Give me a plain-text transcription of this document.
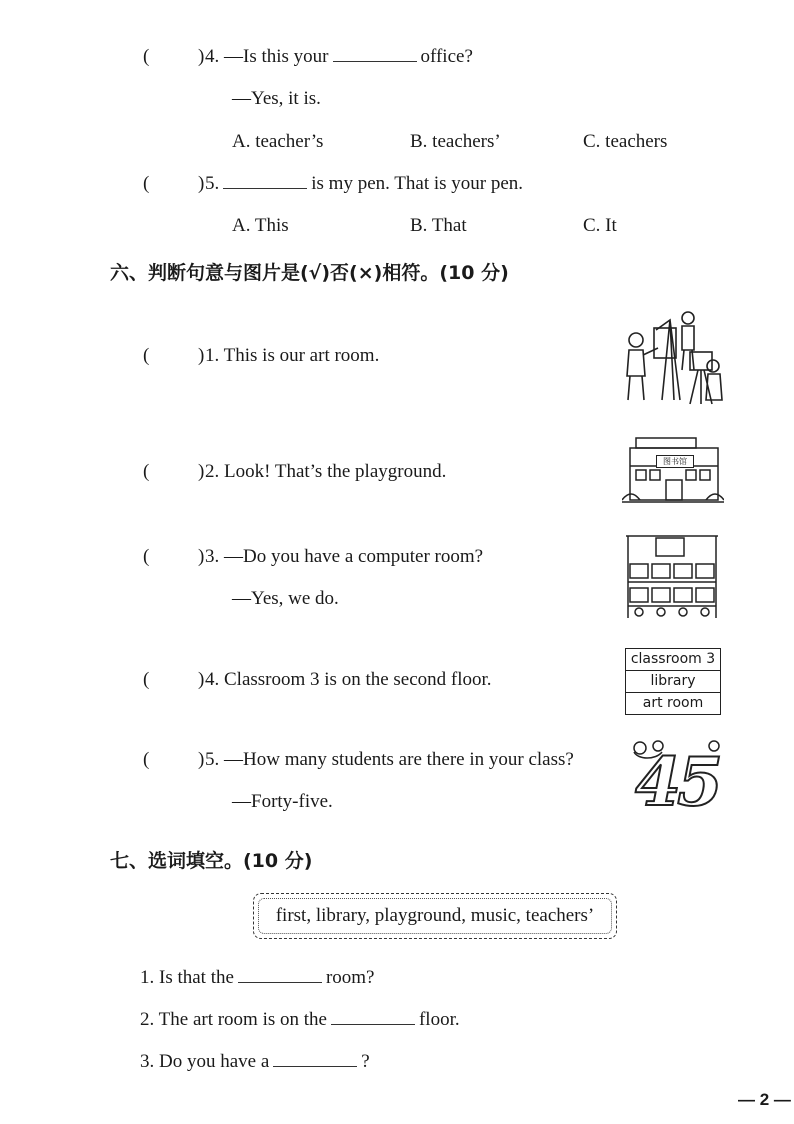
(	) 4. —Is this your	office?
—Yes, it is.
A. teacher’s	B. teachers’	C. teachers
(	) 5.	is my pen. That is your pen.
A. This	B. That	C. It
六、判断句意与图片是(√)否(×)相符。(10 分)
(	) 1. This is our art room.
(	) 2. Look! That’s the playground.	图书馆
(	) 3. —Do you have a computer room?
—Yes, we do.
(	) 4. Classroom 3 is on the second floor.
classroom 3
library
art room
(	) 5. —How many students are there in your class?
—Forty-five.	45
七、选词填空。(10 分)
first, library, playground, music, teachers’
1. Is that the	room?
2. The art room is on the	floor.
3. Do you have a	?
— 2 —
